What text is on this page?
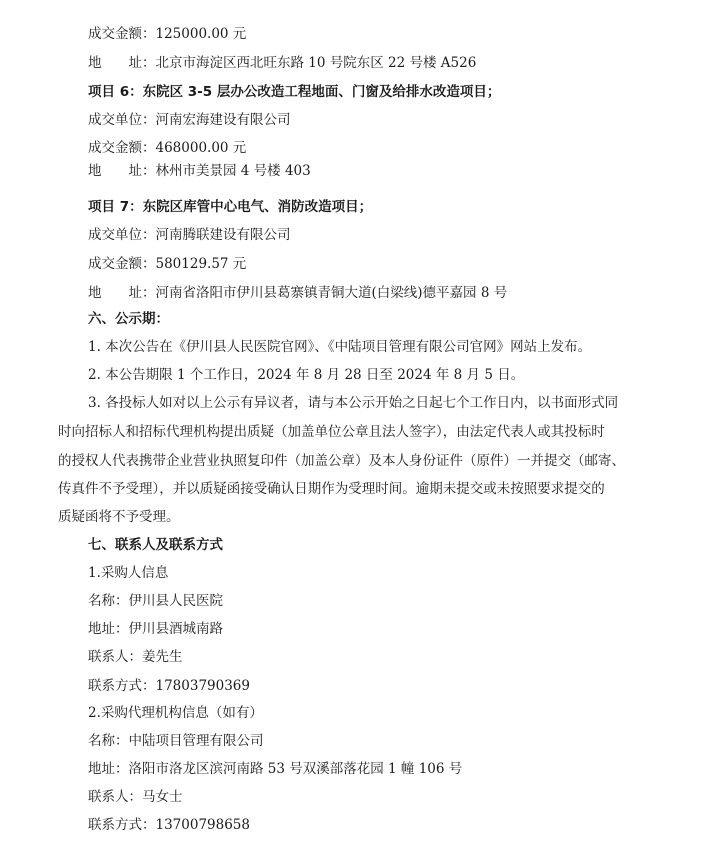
成交金额：125000.00 元
地　　址：北京市海淀区西北旺东路 10 号院东区 22 号楼 A526
项目 6：东院区 3-5 层办公改造工程地面、门窗及给排水改造项目；
成交单位：河南宏海建设有限公司
成交金额：468000.00 元
地　　址：林州市美景园 4 号楼 403
项目 7：东院区库管中心电气、消防改造项目；
成交单位：河南腾联建设有限公司
成交金额：580129.57 元
地　　址：河南省洛阳市伊川县葛寨镇青铜大道(白梁线)德平嘉园 8 号
六、公示期：
1. 本次公告在《伊川县人民医院官网》、《中陆项目管理有限公司官网》网站上发布。
2. 本公告期限 1 个工作日，2024 年 8 月 28 日至 2024 年 8 月 5 日。
3. 各投标人如对以上公示有异议者，请与本公示开始之日起七个工作日内，以书面形式同
时向招标人和招标代理机构提出质疑（加盖单位公章且法人签字），由法定代表人或其投标时
的授权人代表携带企业营业执照复印件（加盖公章）及本人身份证件（原件）一并提交（邮寄、
传真件不予受理），并以质疑函接受确认日期作为受理时间。逾期未提交或未按照要求提交的
质疑函将不予受理。
七、联系人及联系方式
1.采购人信息
名称：伊川县人民医院
地址：伊川县酒城南路
联系人：姜先生
联系方式：17803790369
2.采购代理机构信息（如有）
名称：中陆项目管理有限公司
地址：洛阳市洛龙区滨河南路 53 号双溪部落花园 1 幢 106 号
联系人：马女士
联系方式：13700798658
